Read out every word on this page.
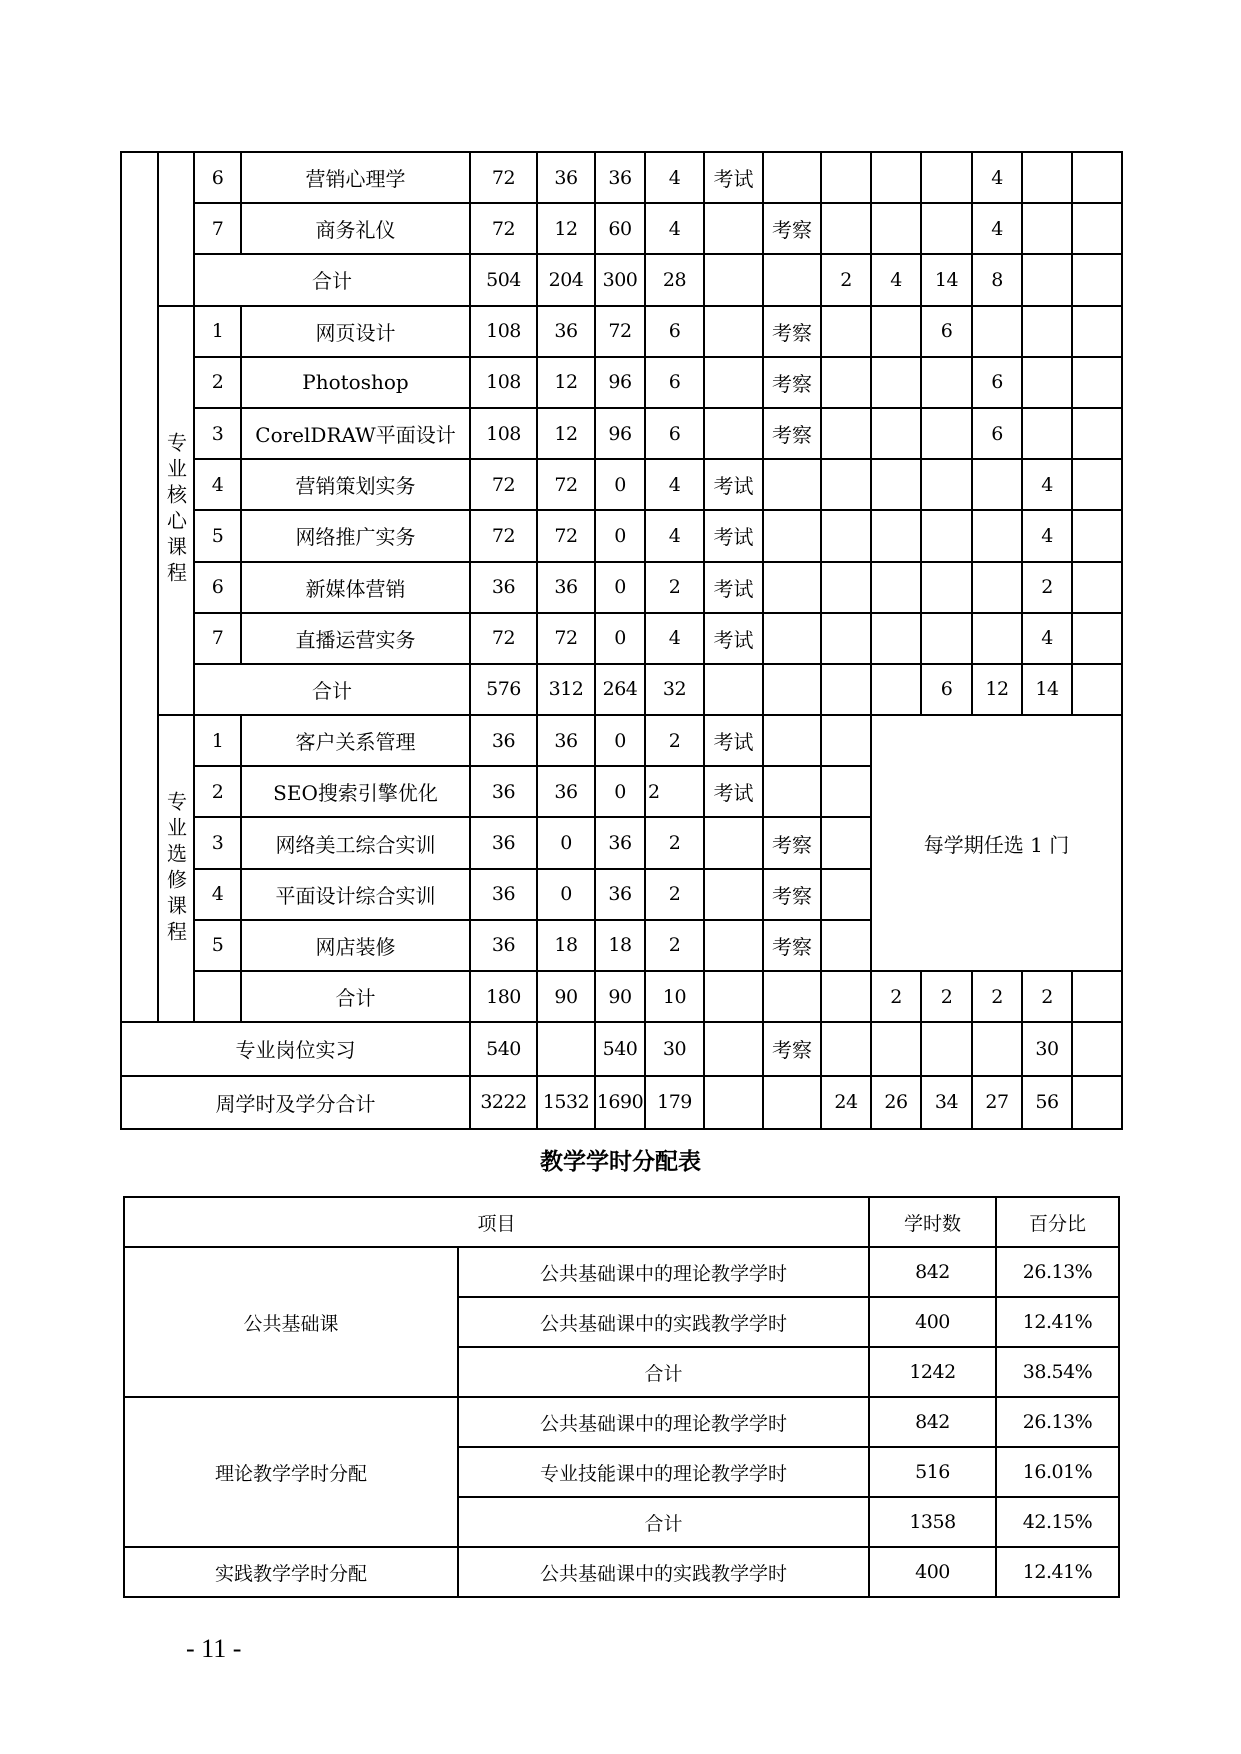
		6	营销心理学	72	36	36	4	考试					4		
		7	商务礼仪	72	12	60	4		考察				4		
		合计		504	204	300	28			2	4	14	8		
	专业核心课程	1	网页设计	108	36	72	6		考察			6			
		2	Photoshop	108	12	96	6		考察				6		
		3	CorelDRAW平面设计	108	12	96	6		考察				6		
		4	营销策划实务	72	72	0	4	考试						4	
		5	网络推广实务	72	72	0	4	考试						4	
		6	新媒体营销	36	36	0	2	考试						2	
		7	直播运营实务	72	72	0	4	考试						4	
		合计		576	312	264	32					6	12	14	
	专业选修课程	1	客户关系管理	36	36	0	2	考试			每学期任选 1 门				
		2	SEO搜索引擎优化	36	36	0	2	考试							
		3	网络美工综合实训	36	0	36	2		考察						
		4	平面设计综合实训	36	0	36	2		考察						
		5	网店装修	36	18	18	2		考察						
			合计	180	90	90	10				2	2	2	2	
专业岗位实习				540		540	30		考察					30	
周学时及学分合计				3222	1532	1690	179			24	26	34	27	56	
教学学时分配表
项目		学时数	百分比
公共基础课	公共基础课中的理论教学学时	842	26.13%
	公共基础课中的实践教学学时	400	12.41%
	合计	1242	38.54%
理论教学学时分配	公共基础课中的理论教学学时	842	26.13%
	专业技能课中的理论教学学时	516	16.01%
	合计	1358	42.15%
实践教学学时分配	公共基础课中的实践教学学时	400	12.41%
- 11 -
